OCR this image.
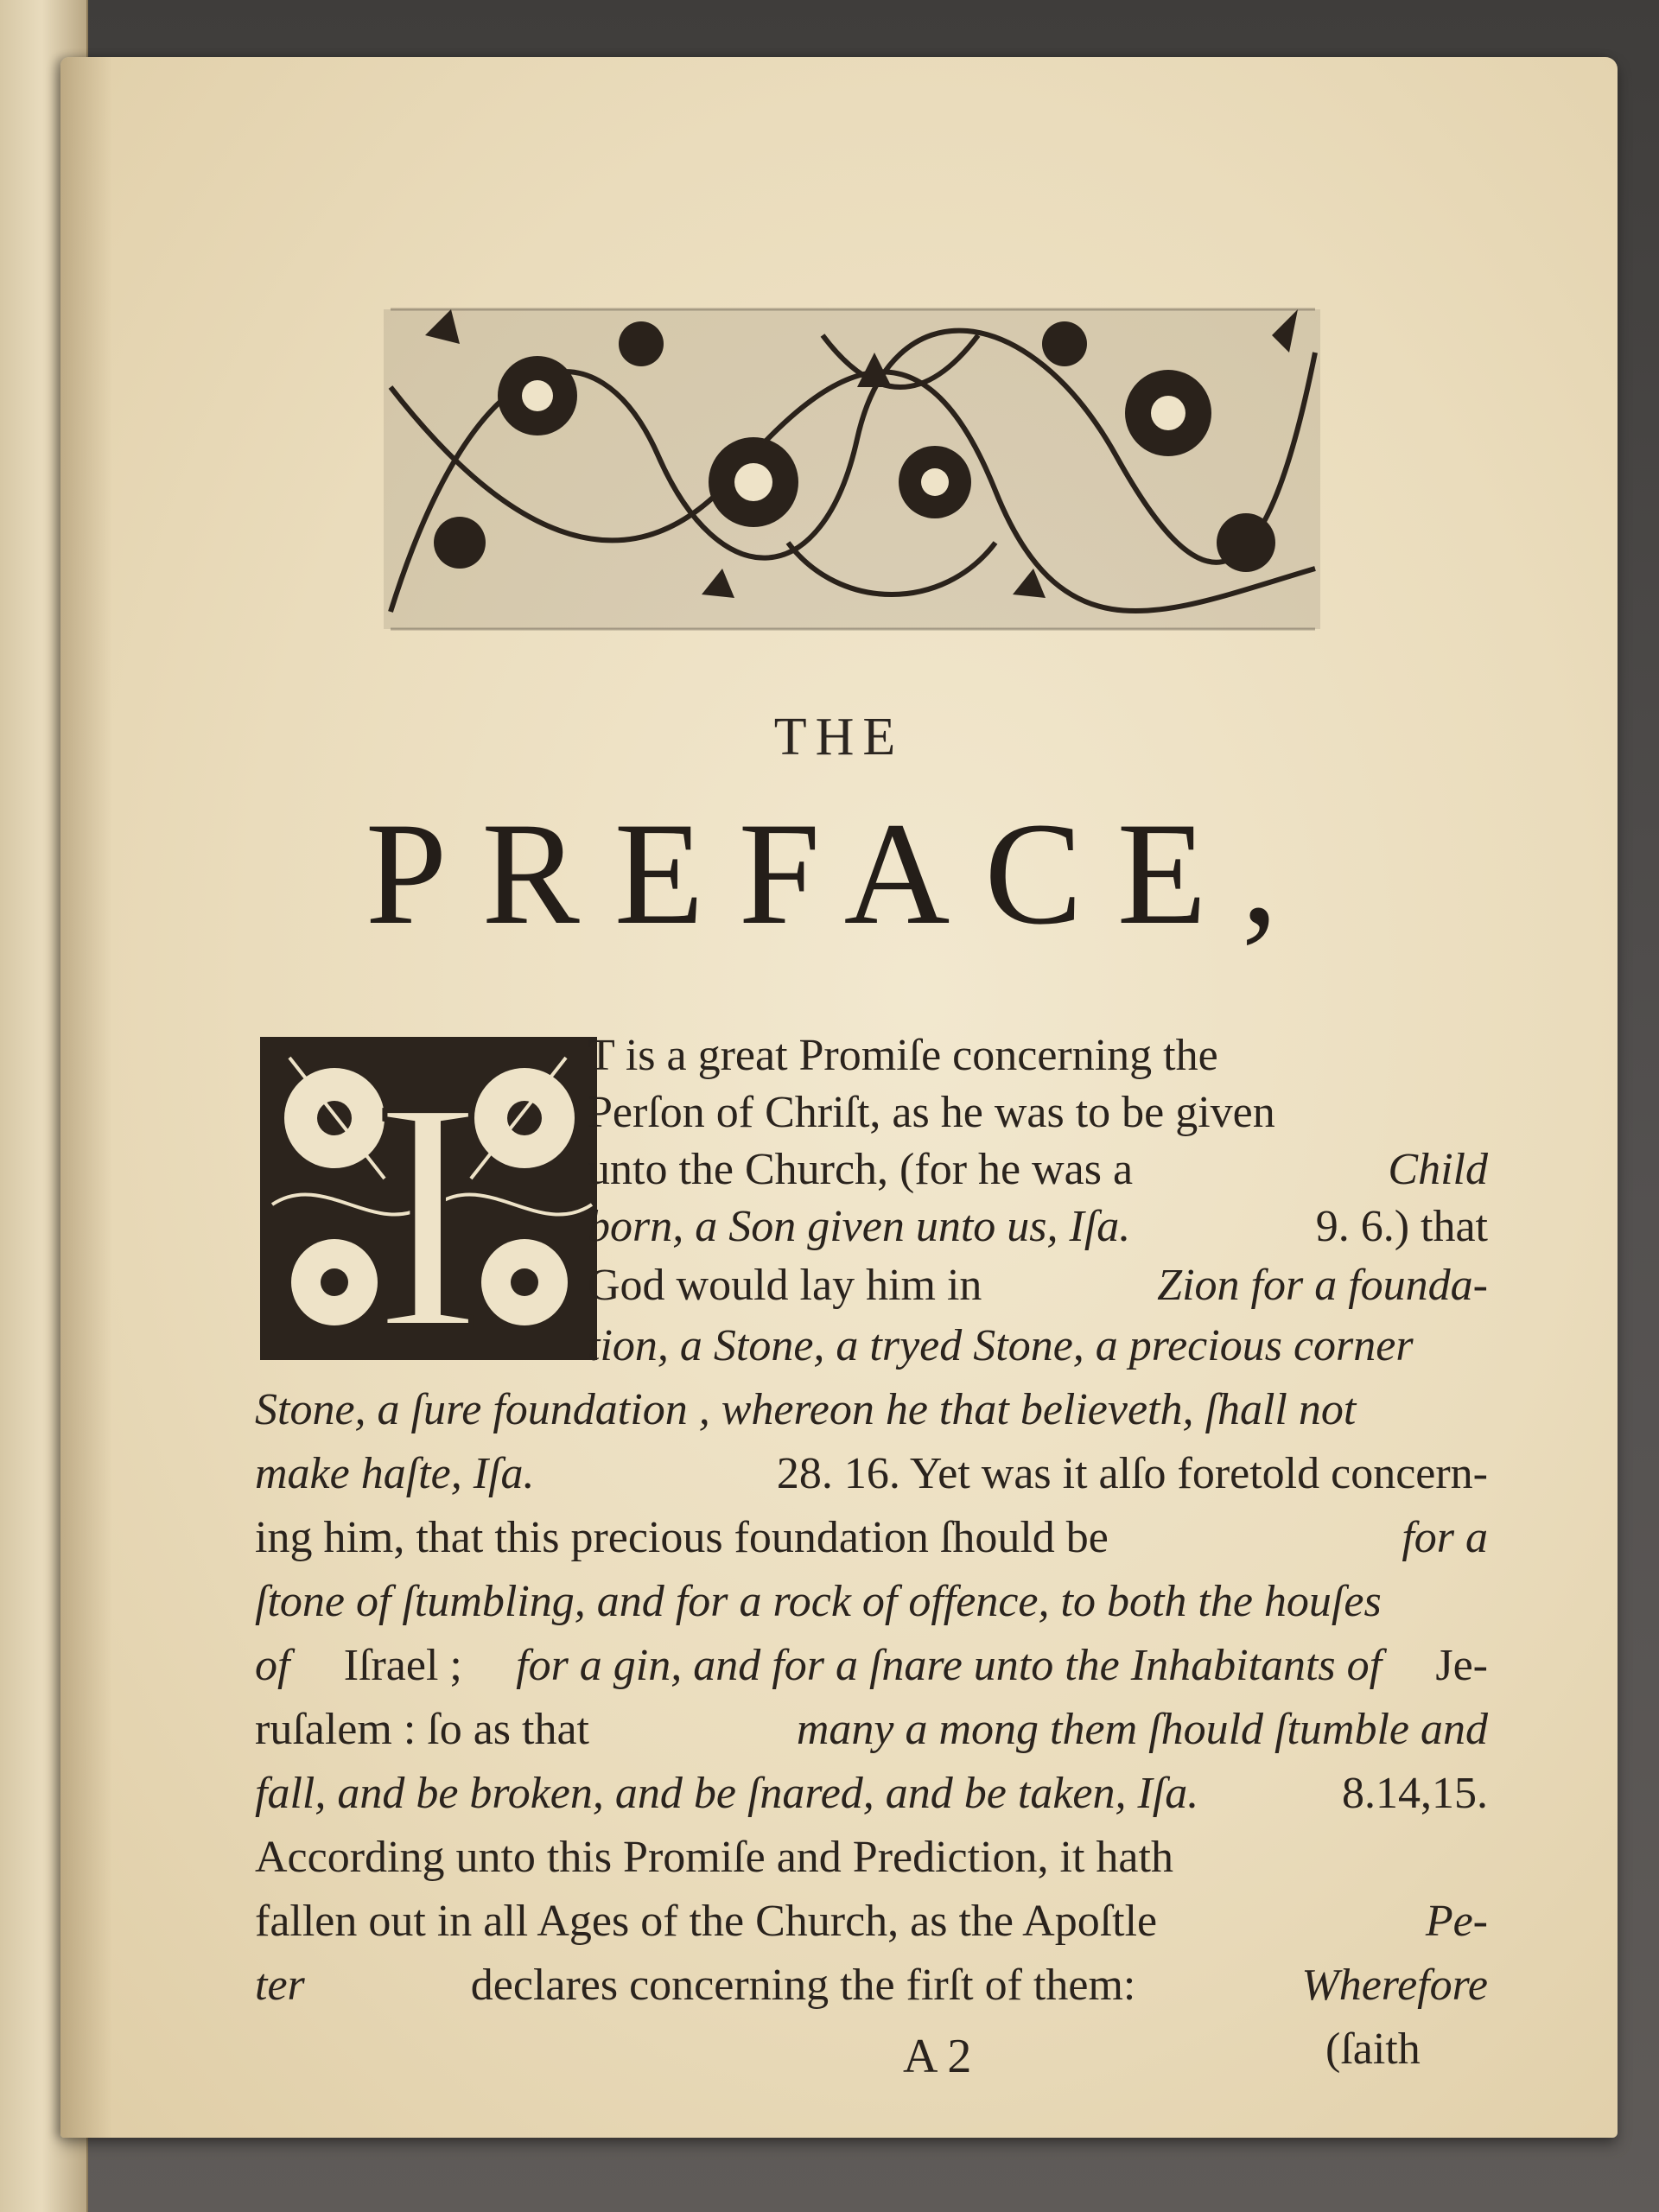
THE
PREFACE,
I T is a great Promiſe concerning the
Perſon of Chriſt, as he was to be given
unto the Church, (for he was a	Child
born, a Son given unto us, Iſa.	9. 6.) that
God would lay him in	Zion for a founda-
tion, a Stone, a tryed Stone, a precious corner
Stone, a ſure foundation , whereon he that believeth, ſhall not
make haſte, Iſa.	28. 16. Yet was it alſo foretold concern-
ing him, that this precious foundation ſhould be	for a
ſtone of ſtumbling, and for a rock of offence, to both the houſes
of Iſrael ; for a gin, and for a ſnare unto the Inhabitants of Je-
ruſalem : ſo as that	many a mong them ſhould ſtumble and
fall, and be broken, and be ſnared, and be taken, Iſa.	8.14,15.
According unto this Promiſe and Prediction, it hath
fallen out in all Ages of the Church, as the Apoſtle	Pe-
ter	declares concerning the firſt of them:	Wherefore
A 2	(ſaith
